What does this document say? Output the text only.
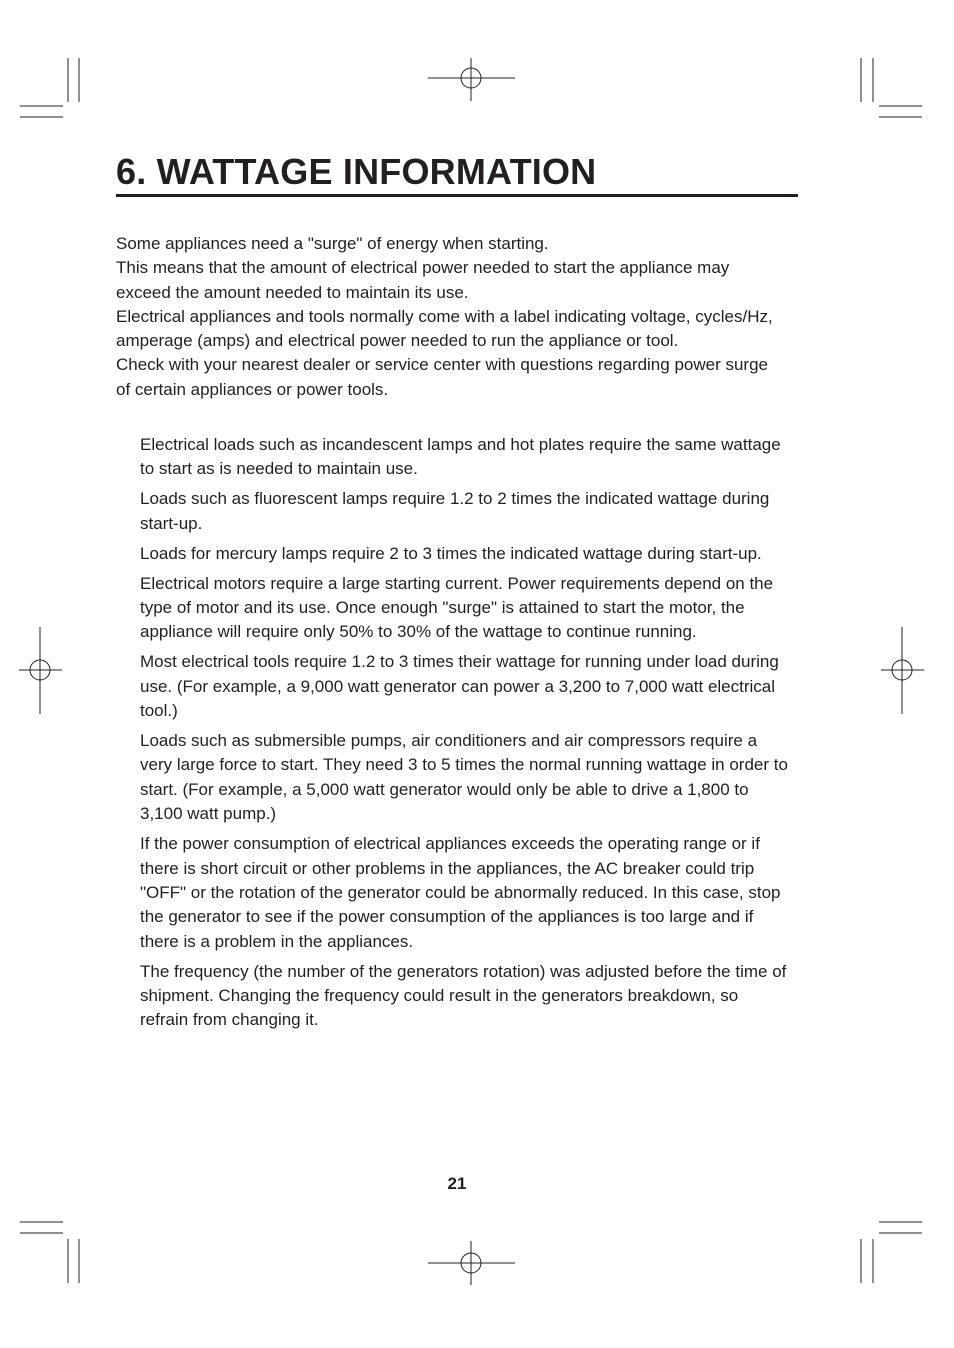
6. WATTAGE INFORMATION

Some appliances need a "surge" of energy when starting.

This means that the amount of electrical power needed to start the appliance may exceed the amount needed to maintain its use.

Electrical appliances and tools normally come with a label indicating voltage, cycles/Hz, amperage (amps) and electrical power needed to run the appliance or tool.

Check with your nearest dealer or service center with questions regarding power surge of certain appliances or power tools.

Electrical loads such as incandescent lamps and hot plates require the same wattage to start as is needed to maintain use.

Loads such as fluorescent lamps require 1.2 to 2 times the indicated wattage during start-up.

Loads for mercury lamps require 2 to 3 times the indicated wattage during start-up.

Electrical motors require a large starting current. Power requirements depend on the type of motor and its use. Once enough "surge" is attained to start the motor, the appliance will require only 50% to 30% of the wattage to continue running.

Most electrical tools require 1.2 to 3 times their wattage for running under load during use. (For example, a 9,000 watt generator can power a 3,200 to 7,000 watt electrical tool.)

Loads such as submersible pumps, air conditioners and air compressors require a very large force to start. They need 3 to 5 times the normal running wattage in order to start. (For example, a 5,000 watt generator would only be able to drive a 1,800 to 3,100 watt pump.)

If the power consumption of electrical appliances exceeds the operating range or if there is short circuit or other problems in the appliances, the AC breaker could trip "OFF" or the rotation of the generator could be abnormally reduced. In this case, stop the generator to see if the power consumption of the appliances is too large and if there is a problem in the appliances.

The frequency (the number of the generators rotation) was adjusted before the time of shipment. Changing the frequency could result in the generators breakdown, so refrain from changing it.

21
